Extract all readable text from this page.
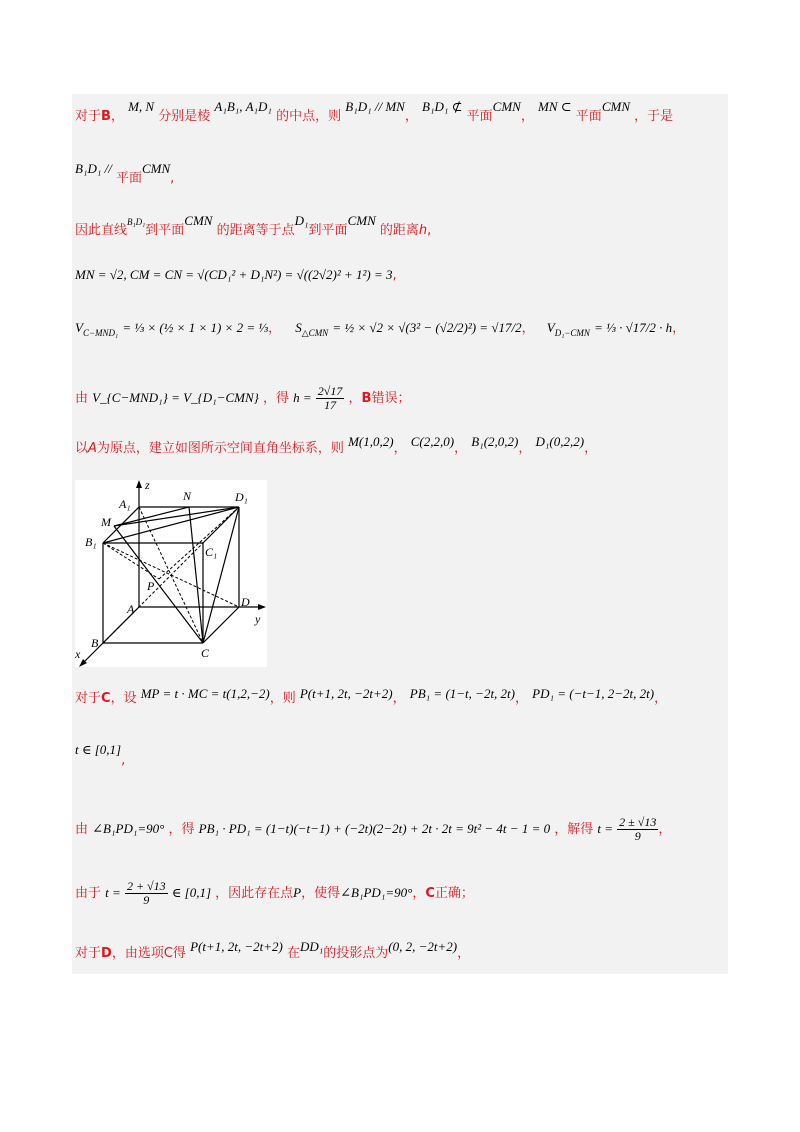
对于B， M, N 分别是棱 A₁B₁, A₁D₁ 的中点，则 B₁D₁ // MN， B₁D₁ ⊄ 平面CMN， MN ⊂ 平面CMN ，于是
B₁D₁ // 平面CMN,
因此直线$^{B_1D_1}$到平面CMN 的距离等于点D₁到平面CMN 的距离h,
MN = √2, CM = CN = √(CD₁² + D₁N²) = √((2√2)² + 1²) = 3,
$V_{C-MND_1}$ = ⅓ × (½ × 1 × 1) × 2 = ⅓， $S_{\triangle CMN}$ = ½ × √2 × √(3² − (√2/2)²) = √17/2， $V_{D_1-CMN}$ = ⅓ · √17/2 · h，
由 V_{C−MND₁} = V_{D₁−CMN} ，得 $h = \frac{2√17}{17}$ ，B错误；
以A为原点，建立如图所示空间直角坐标系，则 M(1,0,2)， C(2,2,0)， B₁(2,0,2)， D₁(0,2,2)，
z
y
x
A₁
N	D₁
M
B₁
C₁
P
A	D
B
C
对于C，设 MP = t · MC = t(1,2,−2)，则 P(t+1, 2t, −2t+2)， PB₁ = (1−t, −2t, 2t)， PD₁ = (−t−1, 2−2t, 2t)，
t ∈ [0,1],
由 ∠B₁PD₁=90° ，得 PB₁ · PD₁ = (1−t)(−t−1) + (−2t)(2−2t) + 2t · 2t = 9t² − 4t − 1 = 0 ，解得 $t = \frac{2 \pm √13}{9}$ ，
由于 $t = \frac{2 + √13}{9}$ ∈ [0,1] ，因此存在点P，使得∠B₁PD₁=90°，C正确；
对于D，由选项C得 P(t+1, 2t, −2t+2) 在DD₁的投影点为(0, 2, −2t+2)，
